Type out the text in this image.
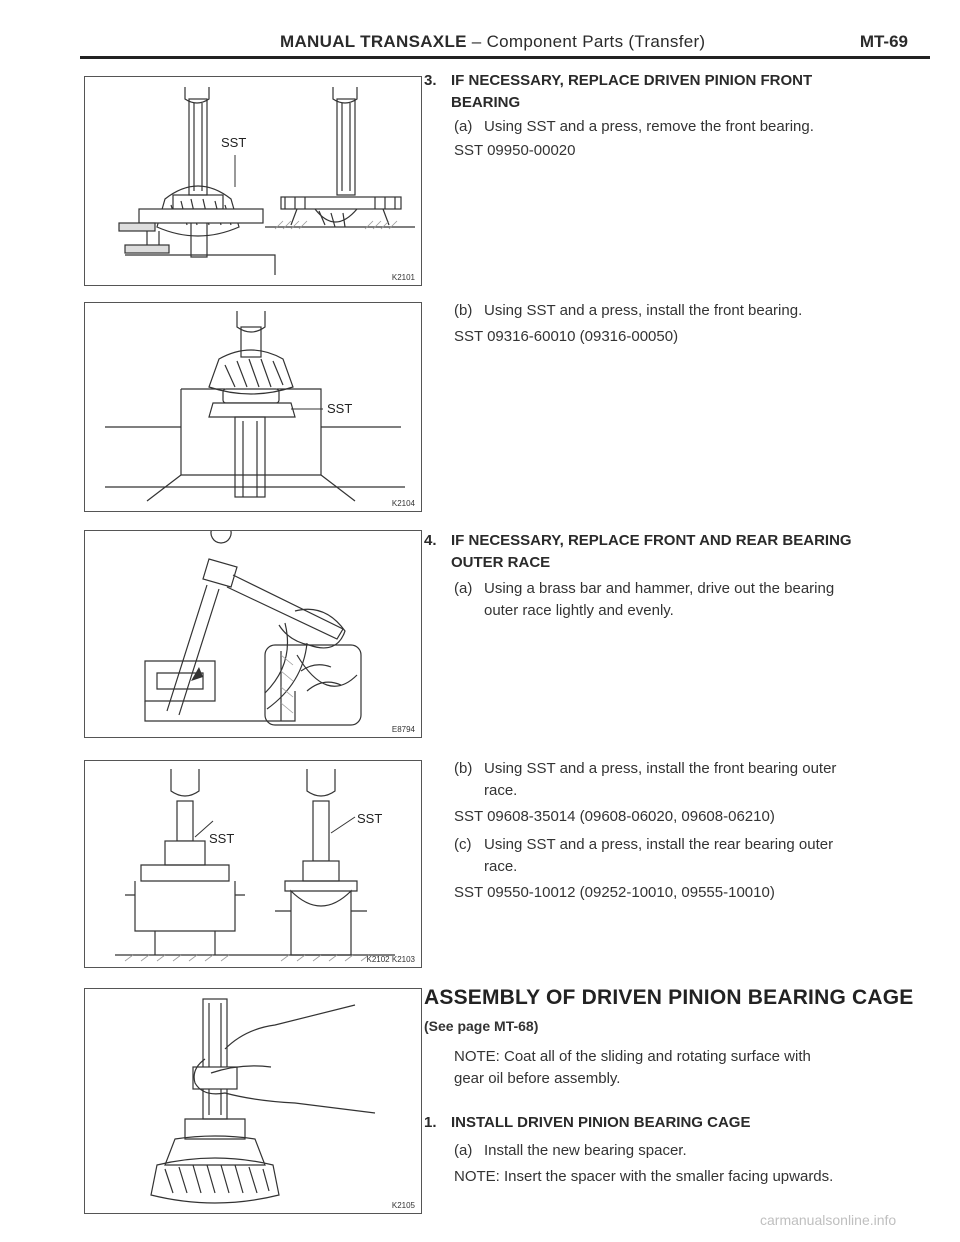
MANUAL TRANSAXLE – Component Parts (Transfer)	MT-69
SST
K2101
SST
K2104
E8794
SST
SST
K2102 K2103
K2105
3. IF NECESSARY, REPLACE DRIVEN PINION FRONT
BEARING
(a) Using SST and a press, remove the front bearing.
SST 09950-00020
(b) Using SST and a press, install the front bearing.
SST 09316-60010 (09316-00050)
4. IF NECESSARY, REPLACE FRONT AND REAR BEARING
OUTER RACE
(a) Using a brass bar and hammer, drive out the bearing
outer race lightly and evenly.
(b) Using SST and a press, install the front bearing outer
race.
SST 09608-35014 (09608-06020, 09608-06210)
(c) Using SST and a press, install the rear bearing outer
race.
SST 09550-10012 (09252-10010, 09555-10010)
ASSEMBLY OF DRIVEN PINION BEARING CAGE
(See page MT-68)
NOTE: Coat all of the sliding and rotating surface with
gear oil before assembly.
1. INSTALL DRIVEN PINION BEARING CAGE
(a) Install the new bearing spacer.
NOTE: Insert the spacer with the smaller facing upwards.
carmanualsonline.info
